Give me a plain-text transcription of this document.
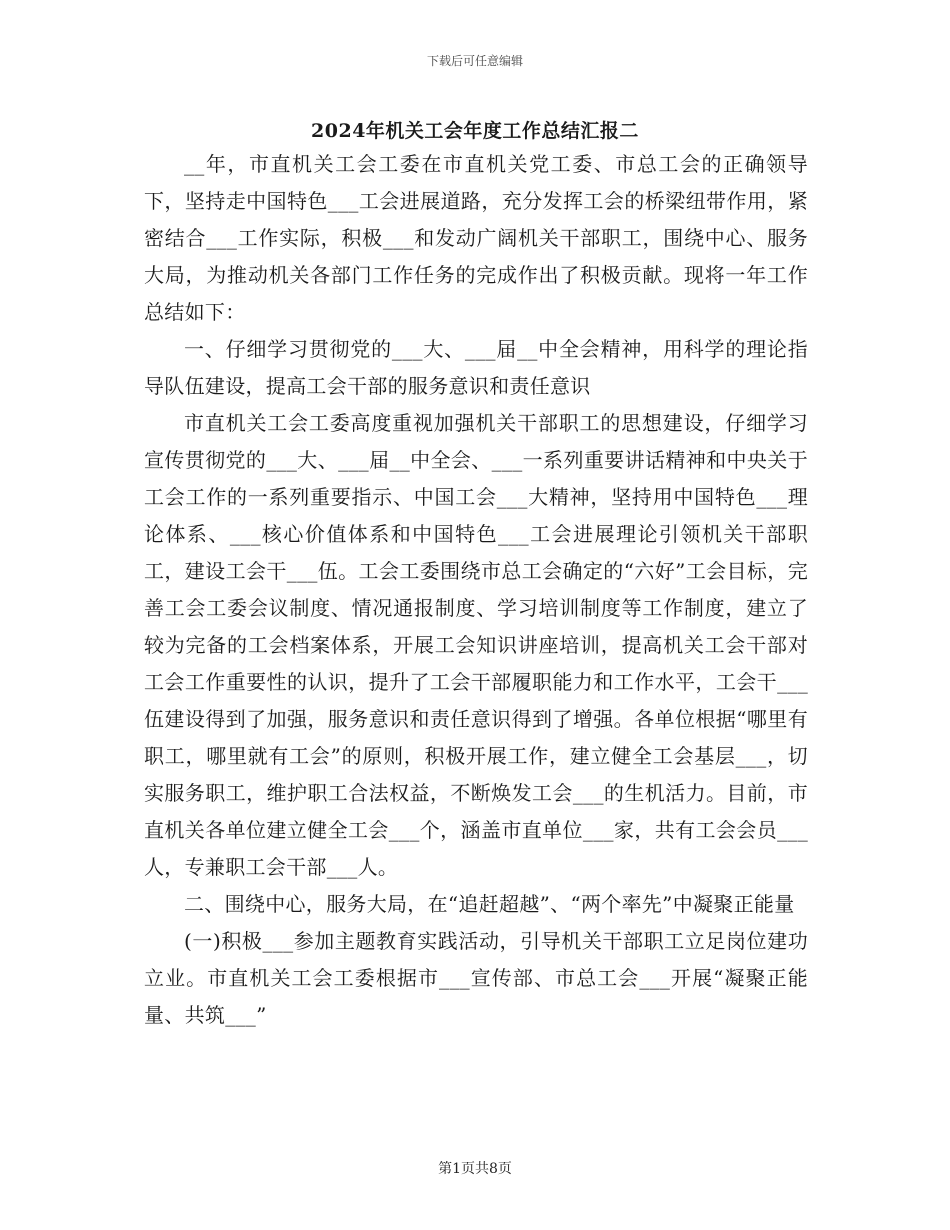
下载后可任意编辑
2024年机关工会年度工作总结汇报二

__年，市直机关工会工委在市直机关党工委、市总工会的正确领导下，坚持走中国特色___工会进展道路，充分发挥工会的桥梁纽带作用，紧密结合___工作实际，积极___和发动广阔机关干部职工，围绕中心、服务大局，为推动机关各部门工作任务的完成作出了积极贡献。现将一年工作总结如下：

一、仔细学习贯彻党的___大、___届__中全会精神，用科学的理论指导队伍建设，提高工会干部的服务意识和责任意识

市直机关工会工委高度重视加强机关干部职工的思想建设，仔细学习宣传贯彻党的___大、___届__中全会、___一系列重要讲话精神和中央关于工会工作的一系列重要指示、中国工会___大精神，坚持用中国特色___理论体系、___核心价值体系和中国特色___工会进展理论引领机关干部职工，建设工会干___伍。工会工委围绕市总工会确定的“六好”工会目标，完善工会工委会议制度、情况通报制度、学习培训制度等工作制度，建立了较为完备的工会档案体系，开展工会知识讲座培训，提高机关工会干部对工会工作重要性的认识，提升了工会干部履职能力和工作水平，工会干___伍建设得到了加强，服务意识和责任意识得到了增强。各单位根据“哪里有职工，哪里就有工会”的原则，积极开展工作，建立健全工会基层___，切实服务职工，维护职工合法权益，不断焕发工会___的生机活力。目前，市直机关各单位建立健全工会___个，涵盖市直单位___家，共有工会会员___人，专兼职工会干部___人。

二、围绕中心，服务大局，在“追赶超越”、“两个率先”中凝聚正能量

(一)积极___参加主题教育实践活动，引导机关干部职工立足岗位建功立业。市直机关工会工委根据市___宣传部、市总工会___开展“凝聚正能量、共筑___”

第1页共8页
